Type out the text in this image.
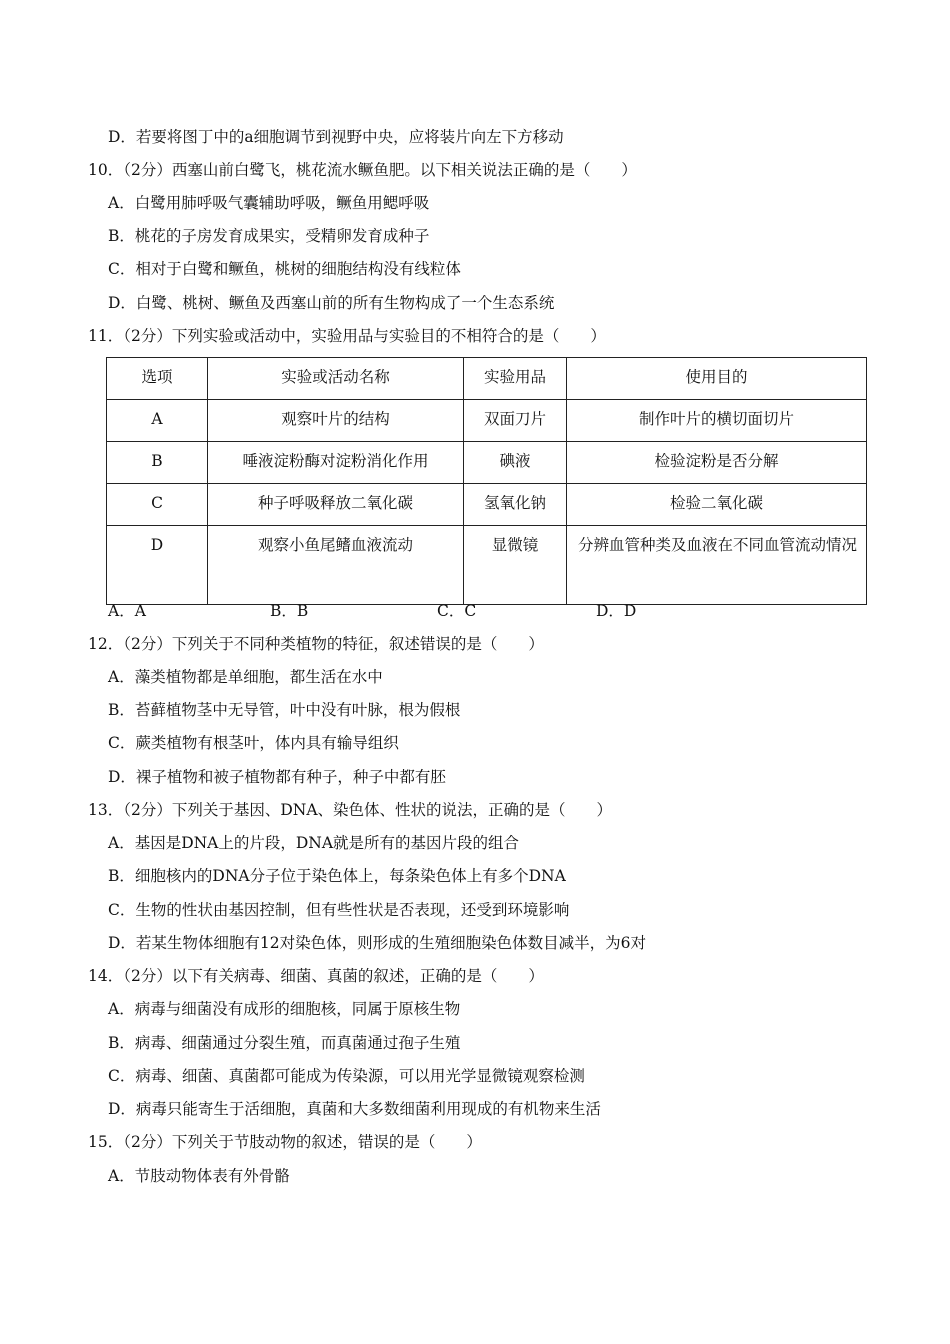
D．若要将图丁中的a细胞调节到视野中央，应将装片向左下方移动
10．（2分）西塞山前白鹭飞，桃花流水鳜鱼肥。以下相关说法正确的是（　　）
A．白鹭用肺呼吸气囊辅助呼吸，鳜鱼用鳃呼吸
B．桃花的子房发育成果实，受精卵发育成种子
C．相对于白鹭和鳜鱼，桃树的细胞结构没有线粒体
D．白鹭、桃树、鳜鱼及西塞山前的所有生物构成了一个生态系统
11．（2分）下列实验或活动中，实验用品与实验目的不相符合的是（　　）
选项	实验或活动名称	实验用品	使用目的
A	观察叶片的结构	双面刀片	制作叶片的横切面切片
B	唾液淀粉酶对淀粉消化作用	碘液	检验淀粉是否分解
C	种子呼吸释放二氧化碳	氢氧化钠	检验二氧化碳
D	观察小鱼尾鳍血液流动	显微镜	分辨血管种类及血液在不同血管流动情况
A．A	B．B	C．C	D．D
12．（2分）下列关于不同种类植物的特征，叙述错误的是（　　）
A．藻类植物都是单细胞，都生活在水中
B．苔藓植物茎中无导管，叶中没有叶脉，根为假根
C．蕨类植物有根茎叶，体内具有输导组织
D．裸子植物和被子植物都有种子，种子中都有胚
13．（2分）下列关于基因、DNA、染色体、性状的说法，正确的是（　　）
A．基因是DNA上的片段，DNA就是所有的基因片段的组合
B．细胞核内的DNA分子位于染色体上，每条染色体上有多个DNA
C．生物的性状由基因控制，但有些性状是否表现，还受到环境影响
D．若某生物体细胞有12对染色体，则形成的生殖细胞染色体数目减半，为6对
14．（2分）以下有关病毒、细菌、真菌的叙述，正确的是（　　）
A．病毒与细菌没有成形的细胞核，同属于原核生物
B．病毒、细菌通过分裂生殖，而真菌通过孢子生殖
C．病毒、细菌、真菌都可能成为传染源，可以用光学显微镜观察检测
D．病毒只能寄生于活细胞，真菌和大多数细菌利用现成的有机物来生活
15．（2分）下列关于节肢动物的叙述，错误的是（　　）
A．节肢动物体表有外骨骼
